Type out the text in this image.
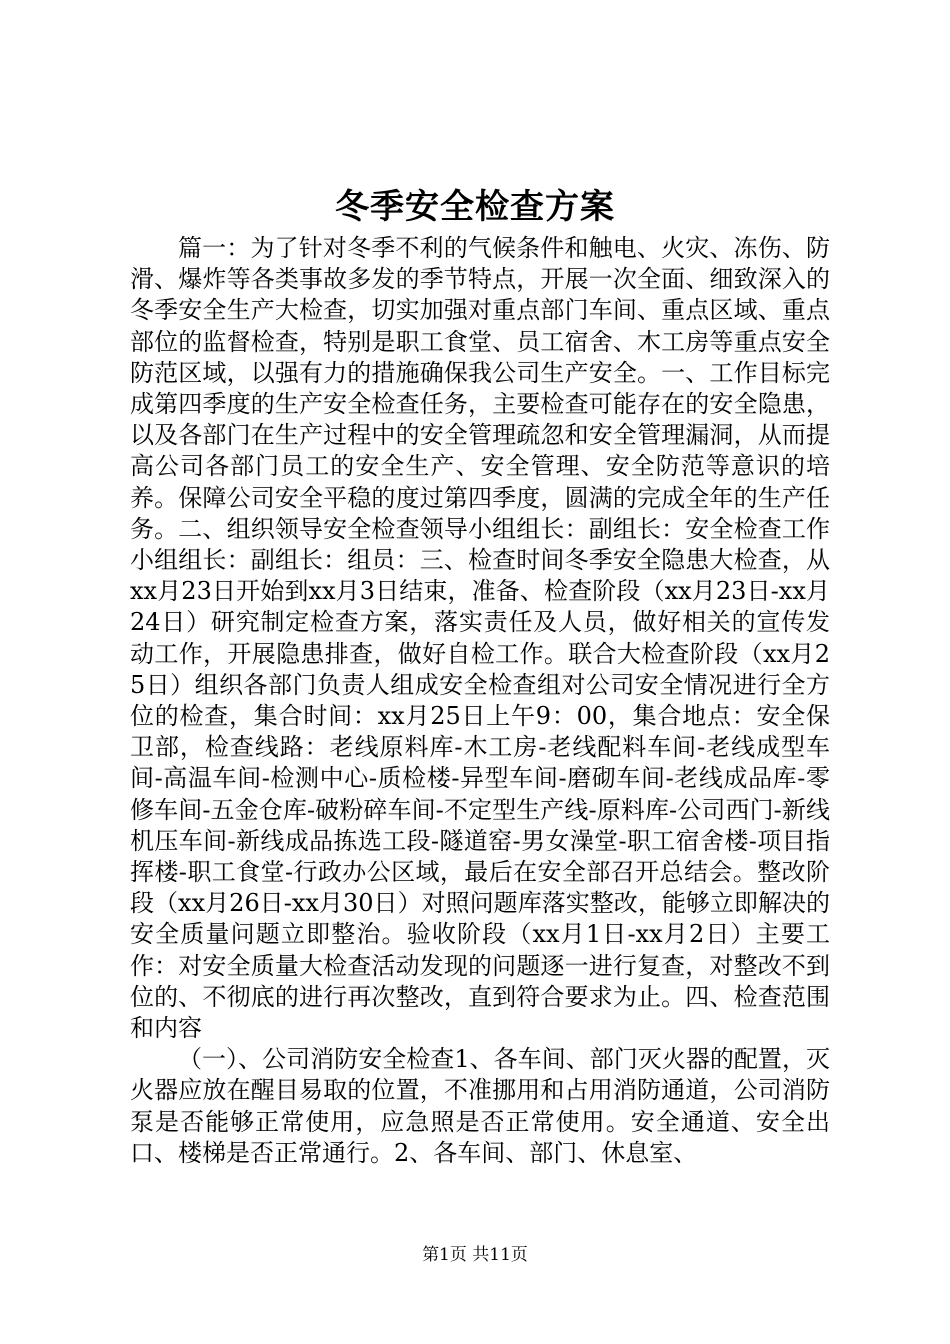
冬季安全检查方案

篇一：为了针对冬季不利的气候条件和触电、火灾、冻伤、防滑、爆炸等各类事故多发的季节特点，开展一次全面、细致深入的冬季安全生产大检查，切实加强对重点部门车间、重点区域、重点部位的监督检查，特别是职工食堂、员工宿舍、木工房等重点安全防范区域，以强有力的措施确保我公司生产安全。一、工作目标完成第四季度的生产安全检查任务，主要检查可能存在的安全隐患，以及各部门在生产过程中的安全管理疏忽和安全管理漏洞，从而提高公司各部门员工的安全生产、安全管理、安全防范等意识的培养。保障公司安全平稳的度过第四季度，圆满的完成全年的生产任务。二、组织领导安全检查领导小组组长：副组长：安全检查工作小组组长：副组长：组员：三、检查时间冬季安全隐患大检查，从xx月23日开始到xx月3日结束，准备、检查阶段（xx月23日-xx月24日）研究制定检查方案，落实责任及人员，做好相关的宣传发动工作，开展隐患排查，做好自检工作。联合大检查阶段（xx月25日）组织各部门负责人组成安全检查组对公司安全情况进行全方位的检查，集合时间：xx月25日上午9：00，集合地点：安全保卫部，检查线路：老线原料库-木工房-老线配料车间-老线成型车间-高温车间-检测中心-质检楼-异型车间-磨砌车间-老线成品库-零修车间-五金仓库-破粉碎车间-不定型生产线-原料库-公司西门-新线机压车间-新线成品拣选工段-隧道窑-男女澡堂-职工宿舍楼-项目指挥楼-职工食堂-行政办公区域，最后在安全部召开总结会。整改阶段（xx月26日-xx月30日）对照问题库落实整改，能够立即解决的安全质量问题立即整治。验收阶段（xx月1日-xx月2日）主要工作：对安全质量大检查活动发现的问题逐一进行复查，对整改不到位的、不彻底的进行再次整改，直到符合要求为止。四、检查范围和内容

（一）、公司消防安全检查1、各车间、部门灭火器的配置，灭火器应放在醒目易取的位置，不准挪用和占用消防通道，公司消防泵是否能够正常使用，应急照是否正常使用。安全通道、安全出口、楼梯是否正常通行。2、各车间、部门、休息室、

第1页 共11页
